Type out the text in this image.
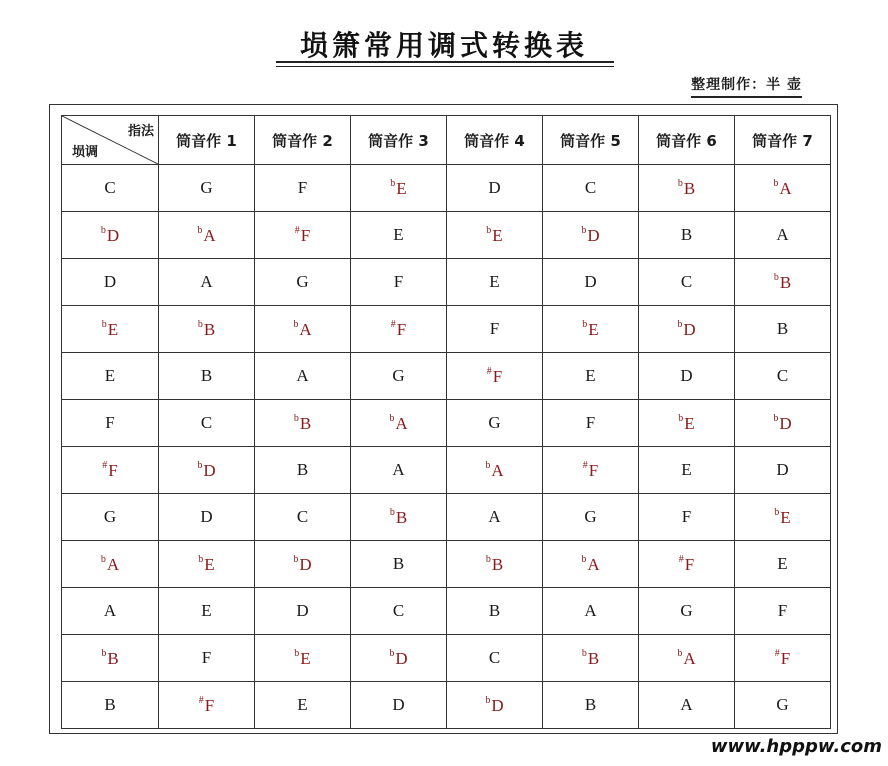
埙箫常用调式转换表
整理制作：半 壶
指法
埙调	筒音作 1	筒音作 2	筒音作 3	筒音作 4	筒音作 5	筒音作 6	筒音作 7
C	G	F	$^b$E	D	C	$^b$B	$^b$A
$^b$D	$^b$A	#F	E	$^b$E	$^b$D	B	A
D	A	G	F	E	D	C	$^b$B
$^b$E	$^b$B	$^b$A	#F	F	$^b$E	$^b$D	B
E	B	A	G	#F	E	D	C
F	C	$^b$B	$^b$A	G	F	$^b$E	$^b$D
#F	$^b$D	B	A	$^b$A	#F	E	D
G	D	C	$^b$B	A	G	F	$^b$E
$^b$A	$^b$E	$^b$D	B	$^b$B	$^b$A	#F	E
A	E	D	C	B	A	G	F
$^b$B	F	$^b$E	$^b$D	C	$^b$B	$^b$A	#F
B	#F	E	D	$^b$D	B	A	G
www.hpppw.com
